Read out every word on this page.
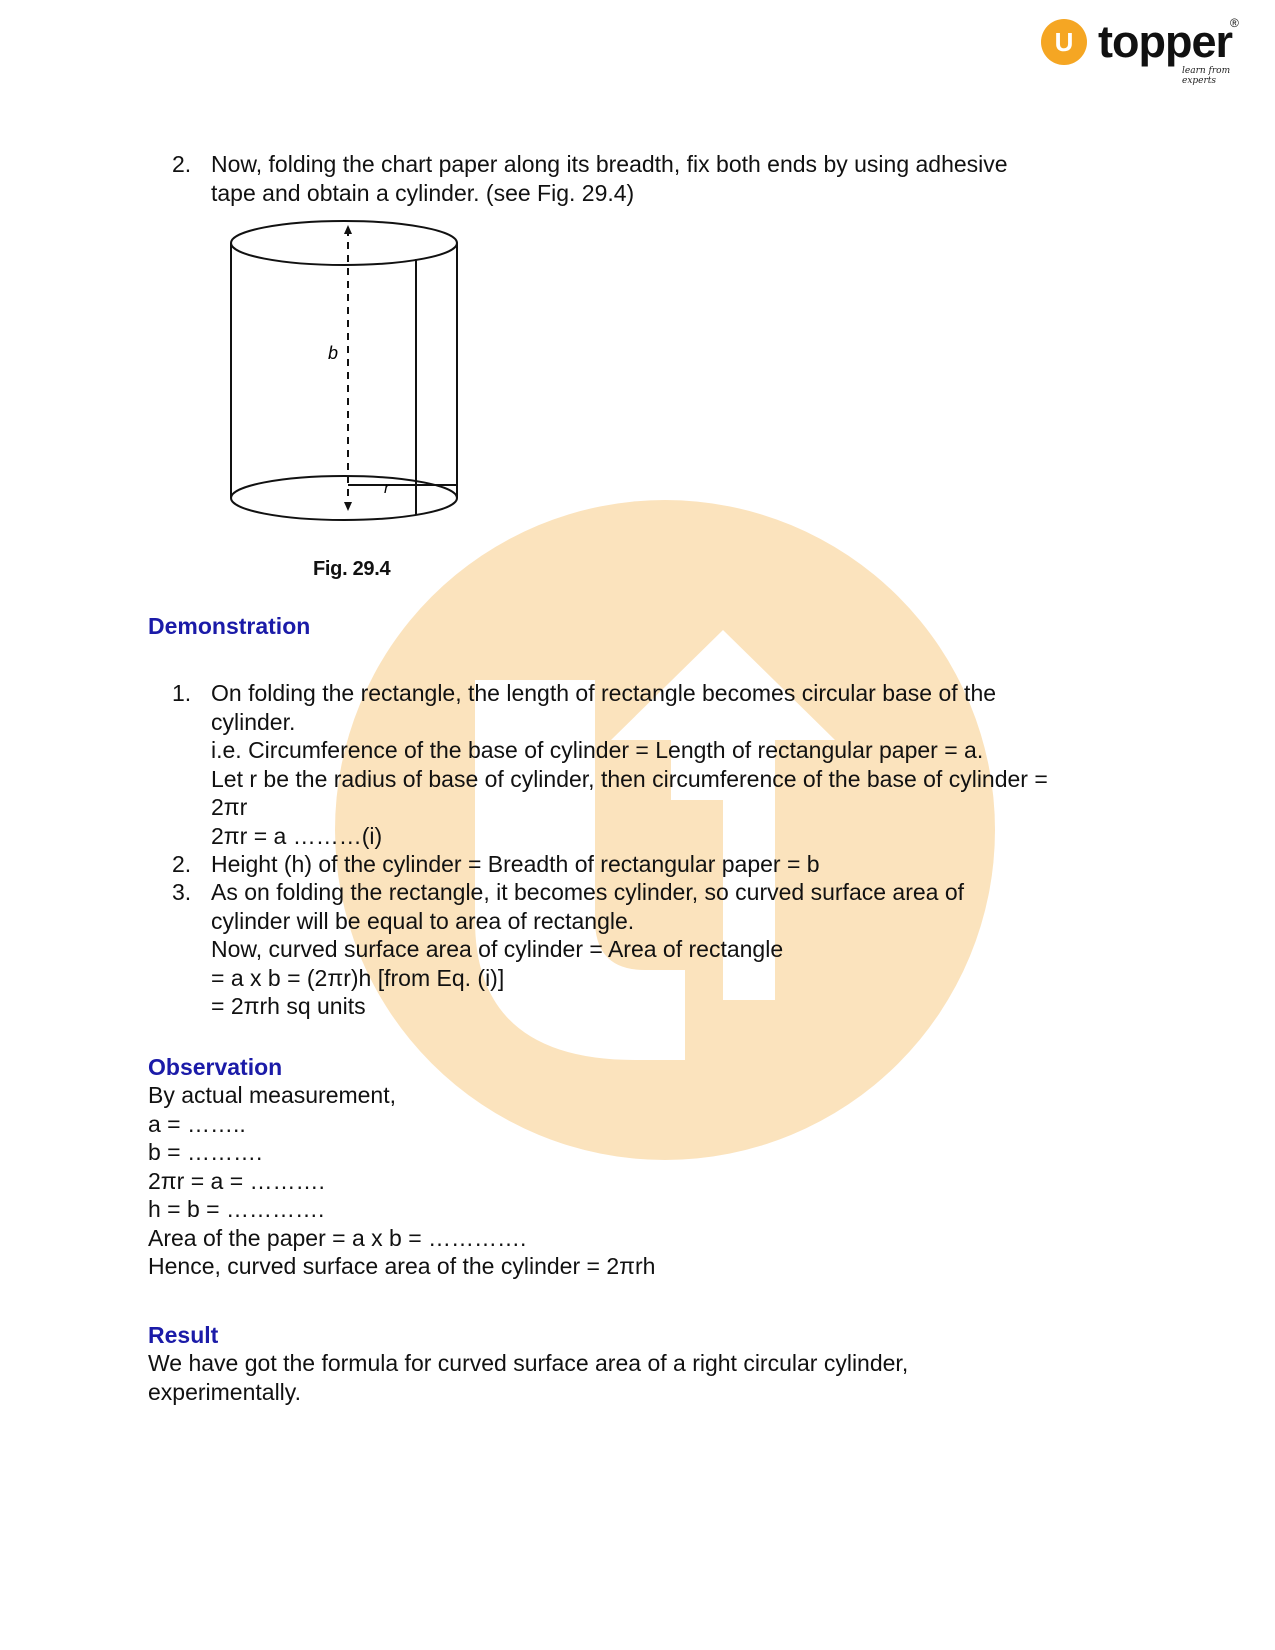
U topper
®
learn from experts
2. Now, folding the chart paper along its breadth, fix both ends by using adhesive
tape and obtain a cylinder. (see Fig. 29.4)
b
r
Fig. 29.4
Demonstration
1. On folding the rectangle, the length of rectangle becomes circular base of the
cylinder.
i.e. Circumference of the base of cylinder = Length of rectangular paper = a.
Let r be the radius of base of cylinder, then circumference of the base of cylinder =
2πr
2πr = a ………(i)
2. Height (h) of the cylinder = Breadth of rectangular paper = b
3. As on folding the rectangle, it becomes cylinder, so curved surface area of
cylinder will be equal to area of rectangle.
Now, curved surface area of cylinder = Area of rectangle
= a x b = (2πr)h [from Eq. (i)]
= 2πrh sq units
Observation
By actual measurement,
a = ……..
b = ……….
2πr = a = ……….
h = b = ………….
Area of the paper = a x b = ………….
Hence, curved surface area of the cylinder = 2πrh
Result
We have got the formula for curved surface area of a right circular cylinder,
experimentally.
